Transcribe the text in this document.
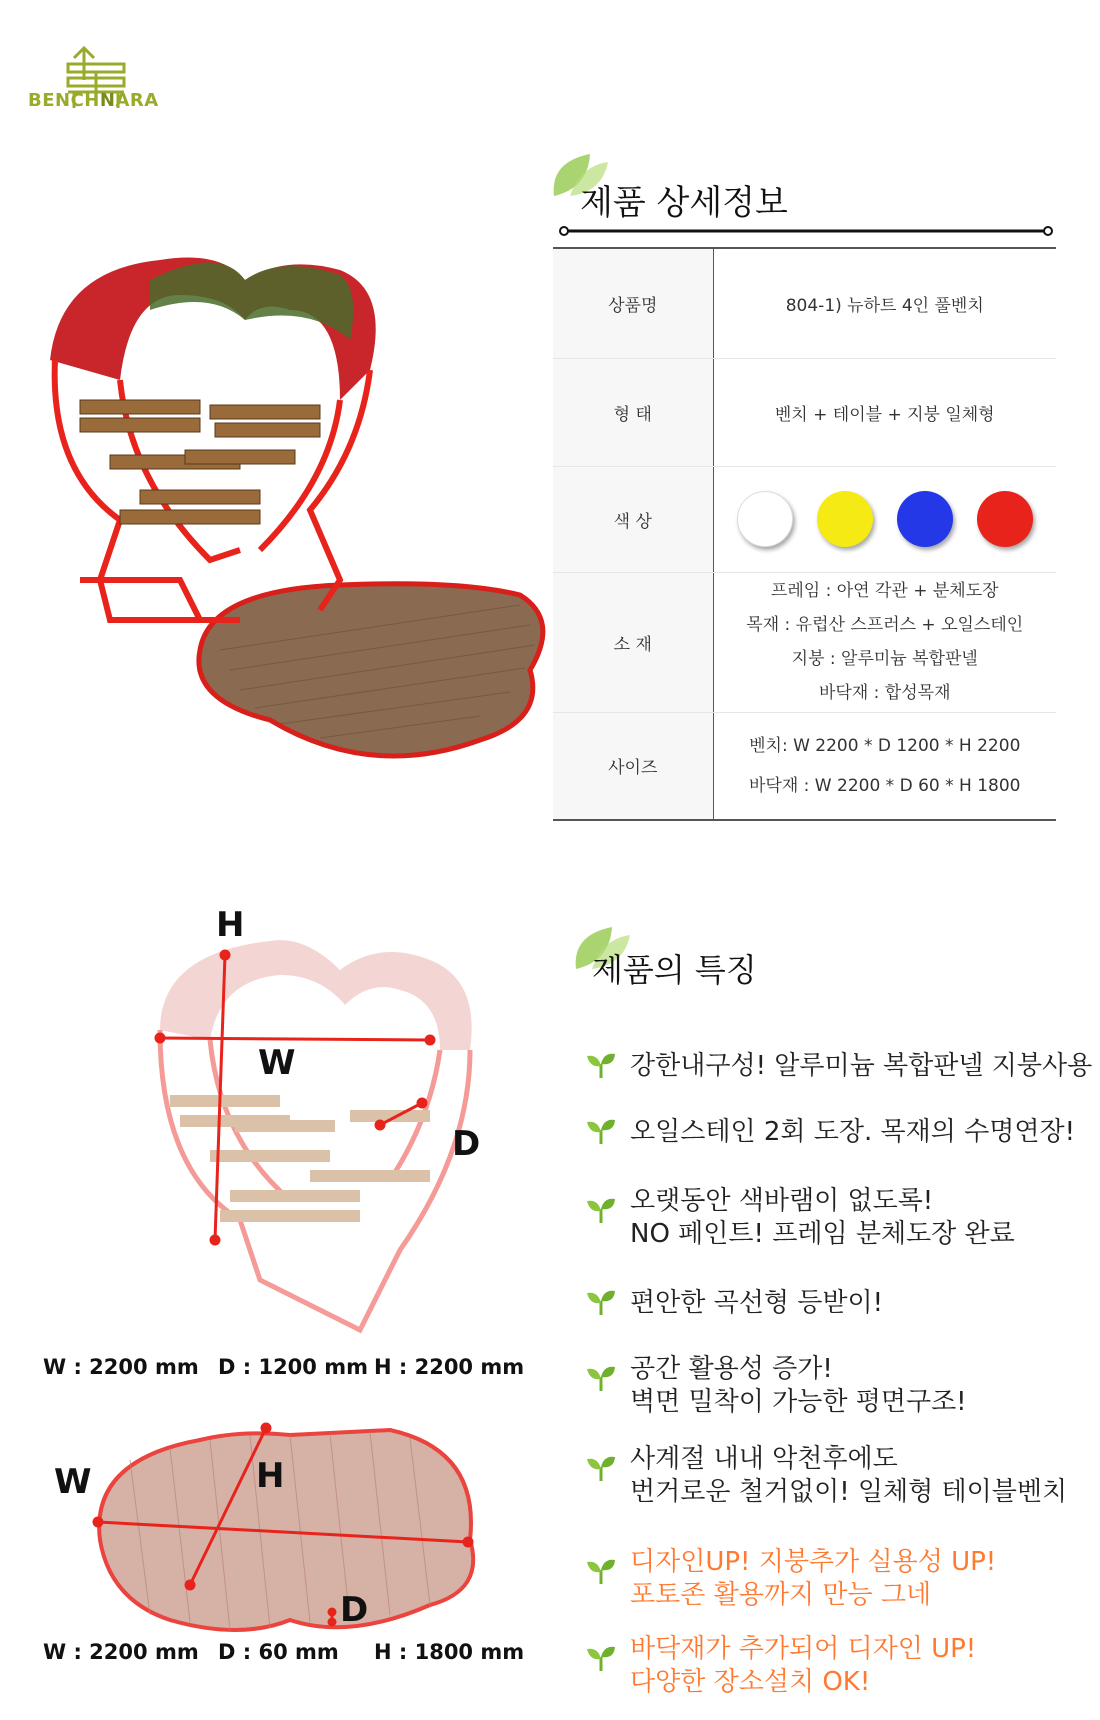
BENCHNARA
제품 상세정보
상품명	804-1) 뉴하트 4인 풀벤치
형 태	벤치 + 테이블 + 지붕 일체형
색 상	
소 재	프레임 : 아연 각관 + 분체도장
목재 : 유럽산 스프러스 + 오일스테인
지붕 : 알루미늄 복합판넬
바닥재 : 합성목재

사이즈	벤치: W 2200 * D 1200 * H 2200
바닥재 : W 2200 * D 60 * H 1800
H
W
D
W : 2200 mm D : 1200 mm H : 2200 mm
W	H
D
W : 2200 mm D : 60 mm H : 1800 mm
제품의 특징
강한내구성! 알루미늄 복합판넬 지붕사용
오일스테인 2회 도장. 목재의 수명연장!
오랫동안 색바램이 없도록!
NO 페인트! 프레임 분체도장 완료
편안한 곡선형 등받이!
공간 활용성 증가!
벽면 밀착이 가능한 평면구조!
사계절 내내 악천후에도
번거로운 철거없이! 일체형 테이블벤치
디자인UP! 지붕추가 실용성 UP!
포토존 활용까지 만능 그네
바닥재가 추가되어 디자인 UP!
다양한 장소설치 OK!
